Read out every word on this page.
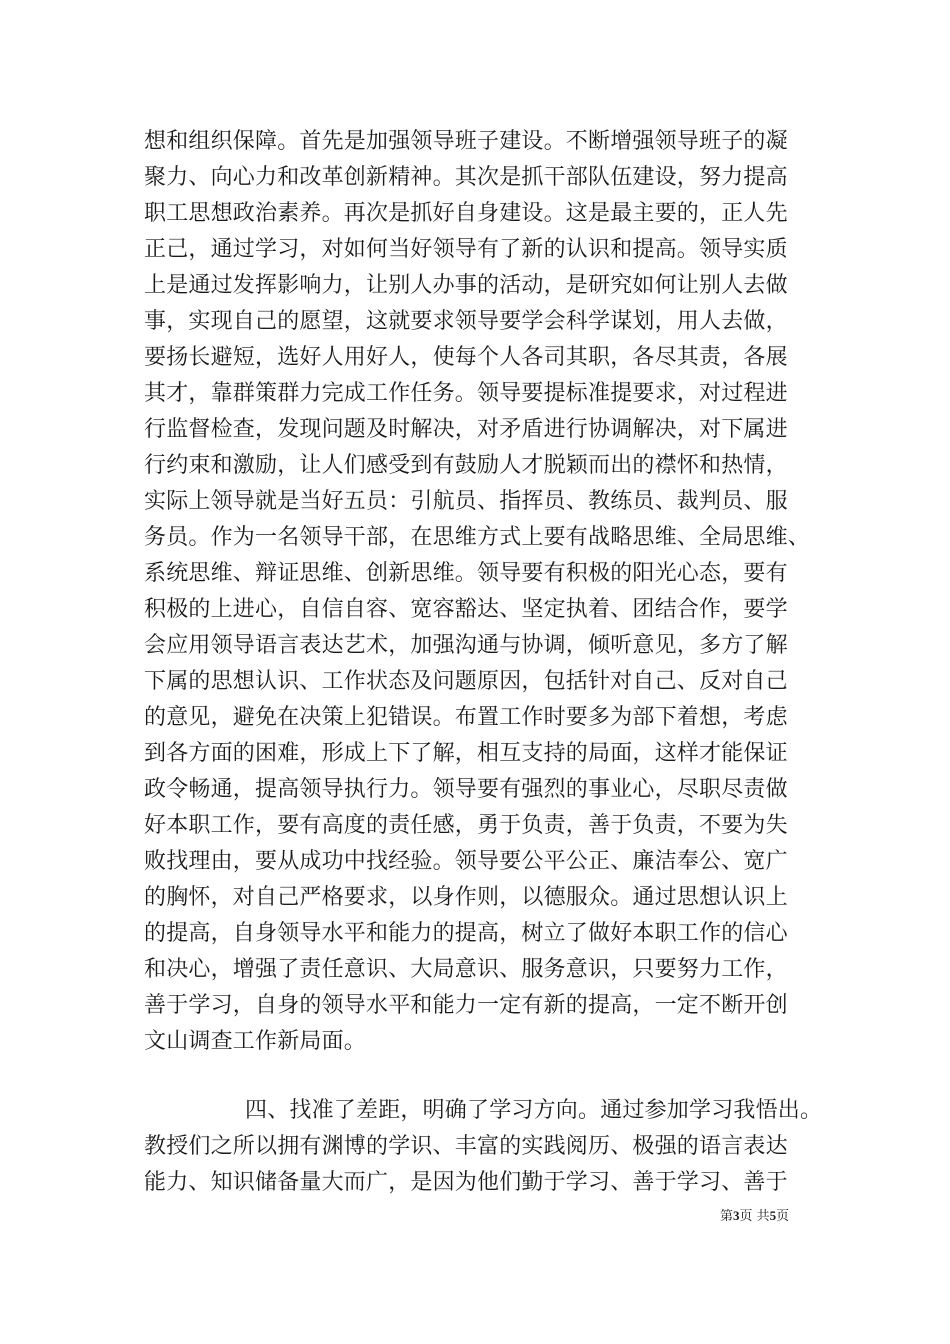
想和组织保障。首先是加强领导班子建设。不断增强领导班子的凝
聚力、向心力和改革创新精神。其次是抓干部队伍建设，努力提高
职工思想政治素养。再次是抓好自身建设。这是最主要的，正人先
正己，通过学习，对如何当好领导有了新的认识和提高。领导实质
上是通过发挥影响力，让别人办事的活动，是研究如何让别人去做
事，实现自己的愿望，这就要求领导要学会科学谋划，用人去做，
要扬长避短，选好人用好人，使每个人各司其职，各尽其责，各展
其才，靠群策群力完成工作任务。领导要提标准提要求，对过程进
行监督检查，发现问题及时解决，对矛盾进行协调解决，对下属进
行约束和激励，让人们感受到有鼓励人才脱颖而出的襟怀和热情，
实际上领导就是当好五员：引航员、指挥员、教练员、裁判员、服
务员。作为一名领导干部，在思维方式上要有战略思维、全局思维、
系统思维、辩证思维、创新思维。领导要有积极的阳光心态，要有
积极的上进心，自信自容、宽容豁达、坚定执着、团结合作，要学
会应用领导语言表达艺术，加强沟通与协调，倾听意见，多方了解
下属的思想认识、工作状态及问题原因，包括针对自己、反对自己
的意见，避免在决策上犯错误。布置工作时要多为部下着想，考虑
到各方面的困难，形成上下了解，相互支持的局面，这样才能保证
政令畅通，提高领导执行力。领导要有强烈的事业心，尽职尽责做
好本职工作，要有高度的责任感，勇于负责，善于负责，不要为失
败找理由，要从成功中找经验。领导要公平公正、廉洁奉公、宽广
的胸怀，对自己严格要求，以身作则，以德服众。通过思想认识上
的提高，自身领导水平和能力的提高，树立了做好本职工作的信心
和决心，增强了责任意识、大局意识、服务意识，只要努力工作，
善于学习，自身的领导水平和能力一定有新的提高，一定不断开创
文山调查工作新局面。
四、找准了差距，明确了学习方向。通过参加学习我悟出。
教授们之所以拥有渊博的学识、丰富的实践阅历、极强的语言表达
能力、知识储备量大而广，是因为他们勤于学习、善于学习、善于
第3页 共5页
